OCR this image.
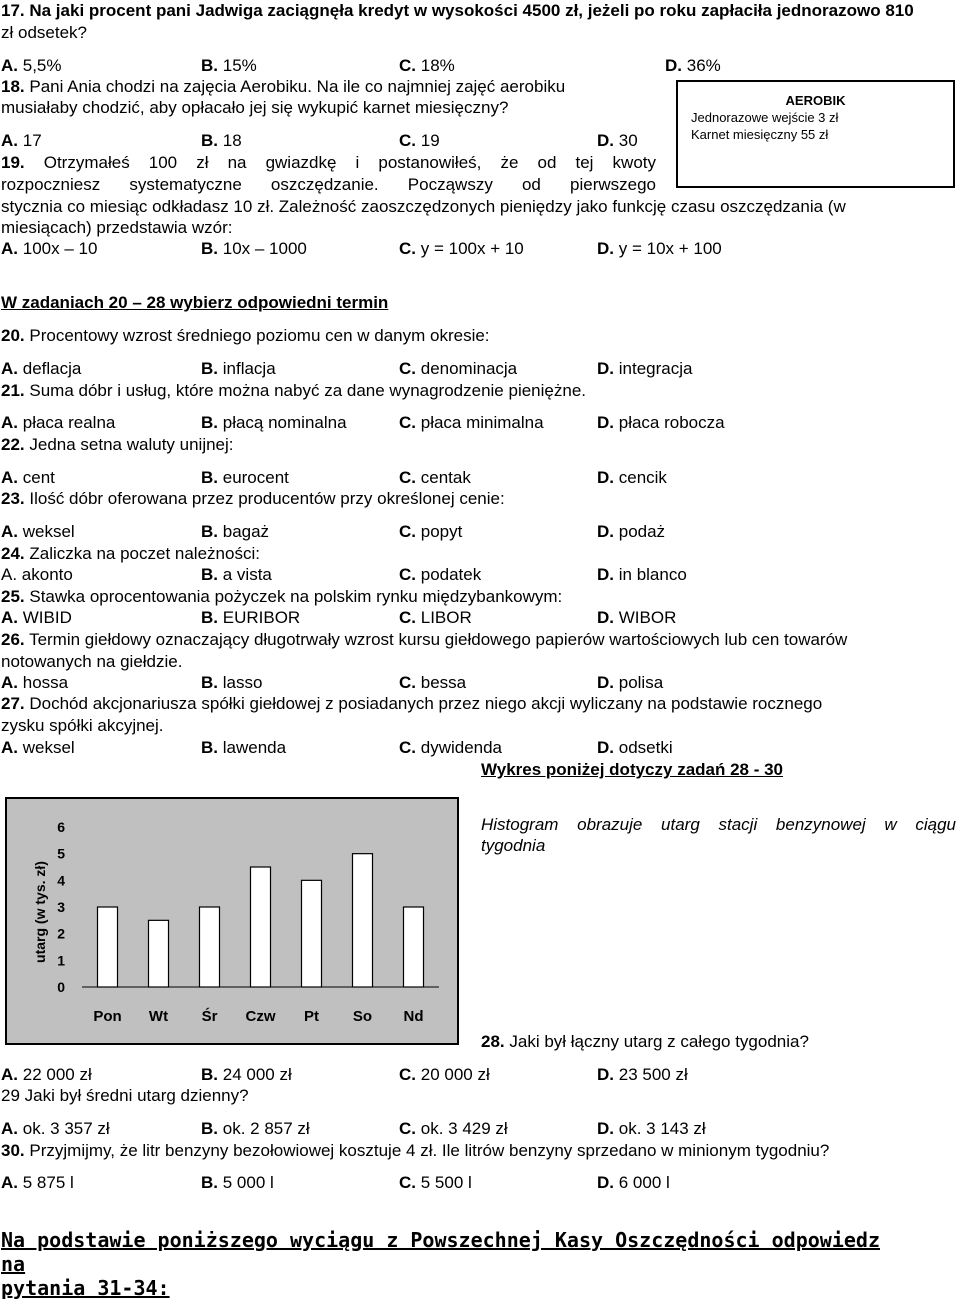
17. Na jaki procent pani Jadwiga zaciągnęła kredyt w wysokości 4500 zł, jeżeli po roku zapłaciła jednorazowo 810
zł odsetek?
A. 5,5%	B. 15%	C. 18%	D. 36%
18. Pani Ania chodzi na zajęcia Aerobiku. Na ile co najmniej zajęć aerobiku
musiałaby chodzić, aby opłacało jej się wykupić karnet miesięczny?
A. 17	B. 18	C. 19	D. 30
AEROBIK
Jednorazowe wejście 3 zł
Karnet miesięczny 55 zł
19. Otrzymałeś 100 zł na gwiazdkę i postanowiłeś, że od tej kwoty
rozpoczniesz systematyczne oszczędzanie. Począwszy od pierwszego
stycznia co miesiąc odkładasz 10 zł. Zależność zaoszczędzonych pieniędzy jako funkcję czasu oszczędzania (w
miesiącach) przedstawia wzór:
A. 100x – 10	B. 10x – 1000	C. y = 100x + 10	D. y = 10x + 100
W zadaniach 20 – 28 wybierz odpowiedni termin
20. Procentowy wzrost średniego poziomu cen w danym okresie:
A. deflacja	B. inflacja	C. denominacja	D. integracja
21. Suma dóbr i usług, które można nabyć za dane wynagrodzenie pieniężne.
A. płaca realna	B. płacą nominalna	C. płaca minimalna	D. płaca robocza
22. Jedna setna waluty unijnej:
A. cent	B. eurocent	C. centak	D. cencik
23. Ilość dóbr oferowana przez producentów przy określonej cenie:
A. weksel	B. bagaż	C. popyt	D. podaż
24. Zaliczka na poczet należności:
A. akonto	B. a vista	C. podatek	D. in blanco
25. Stawka oprocentowania pożyczek na polskim rynku międzybankowym:
A. WIBID	B. EURIBOR	C. LIBOR	D. WIBOR
26. Termin giełdowy oznaczający długotrwały wzrost kursu giełdowego papierów wartościowych lub cen towarów
notowanych na giełdzie.
A. hossa	B. lasso	C. bessa	D. polisa
27. Dochód akcjonariusza spółki giełdowej z posiadanych przez niego akcji wyliczany na podstawie rocznego
zysku spółki akcyjnej.
A. weksel	B. lawenda	C. dywidenda	D. odsetki
Wykres poniżej dotyczy zadań 28 - 30
0
1
2
3
4
5
6
Pon Wt Śr Czw Pt So Nd
utarg (w tys. zł)
Histogram obrazuje utarg stacji benzynowej w ciągu
tygodnia
28. Jaki był łączny utarg z całego tygodnia?
A. 22 000 zł	B. 24 000 zł	C. 20 000 zł	D. 23 500 zł
29 Jaki był średni utarg dzienny?
A. ok. 3 357 zł	B. ok. 2 857 zł	C. ok. 3 429 zł	D. ok. 3 143 zł
30. Przyjmijmy, że litr benzyny bezołowiowej kosztuje 4 zł. Ile litrów benzyny sprzedano w minionym tygodniu?
A. 5 875 l	B. 5 000 l	C. 5 500 l	D. 6 000 l
Na podstawie poniższego wyciągu z Powszechnej Kasy Oszczędności odpowiedz na
pytania 31-34:
